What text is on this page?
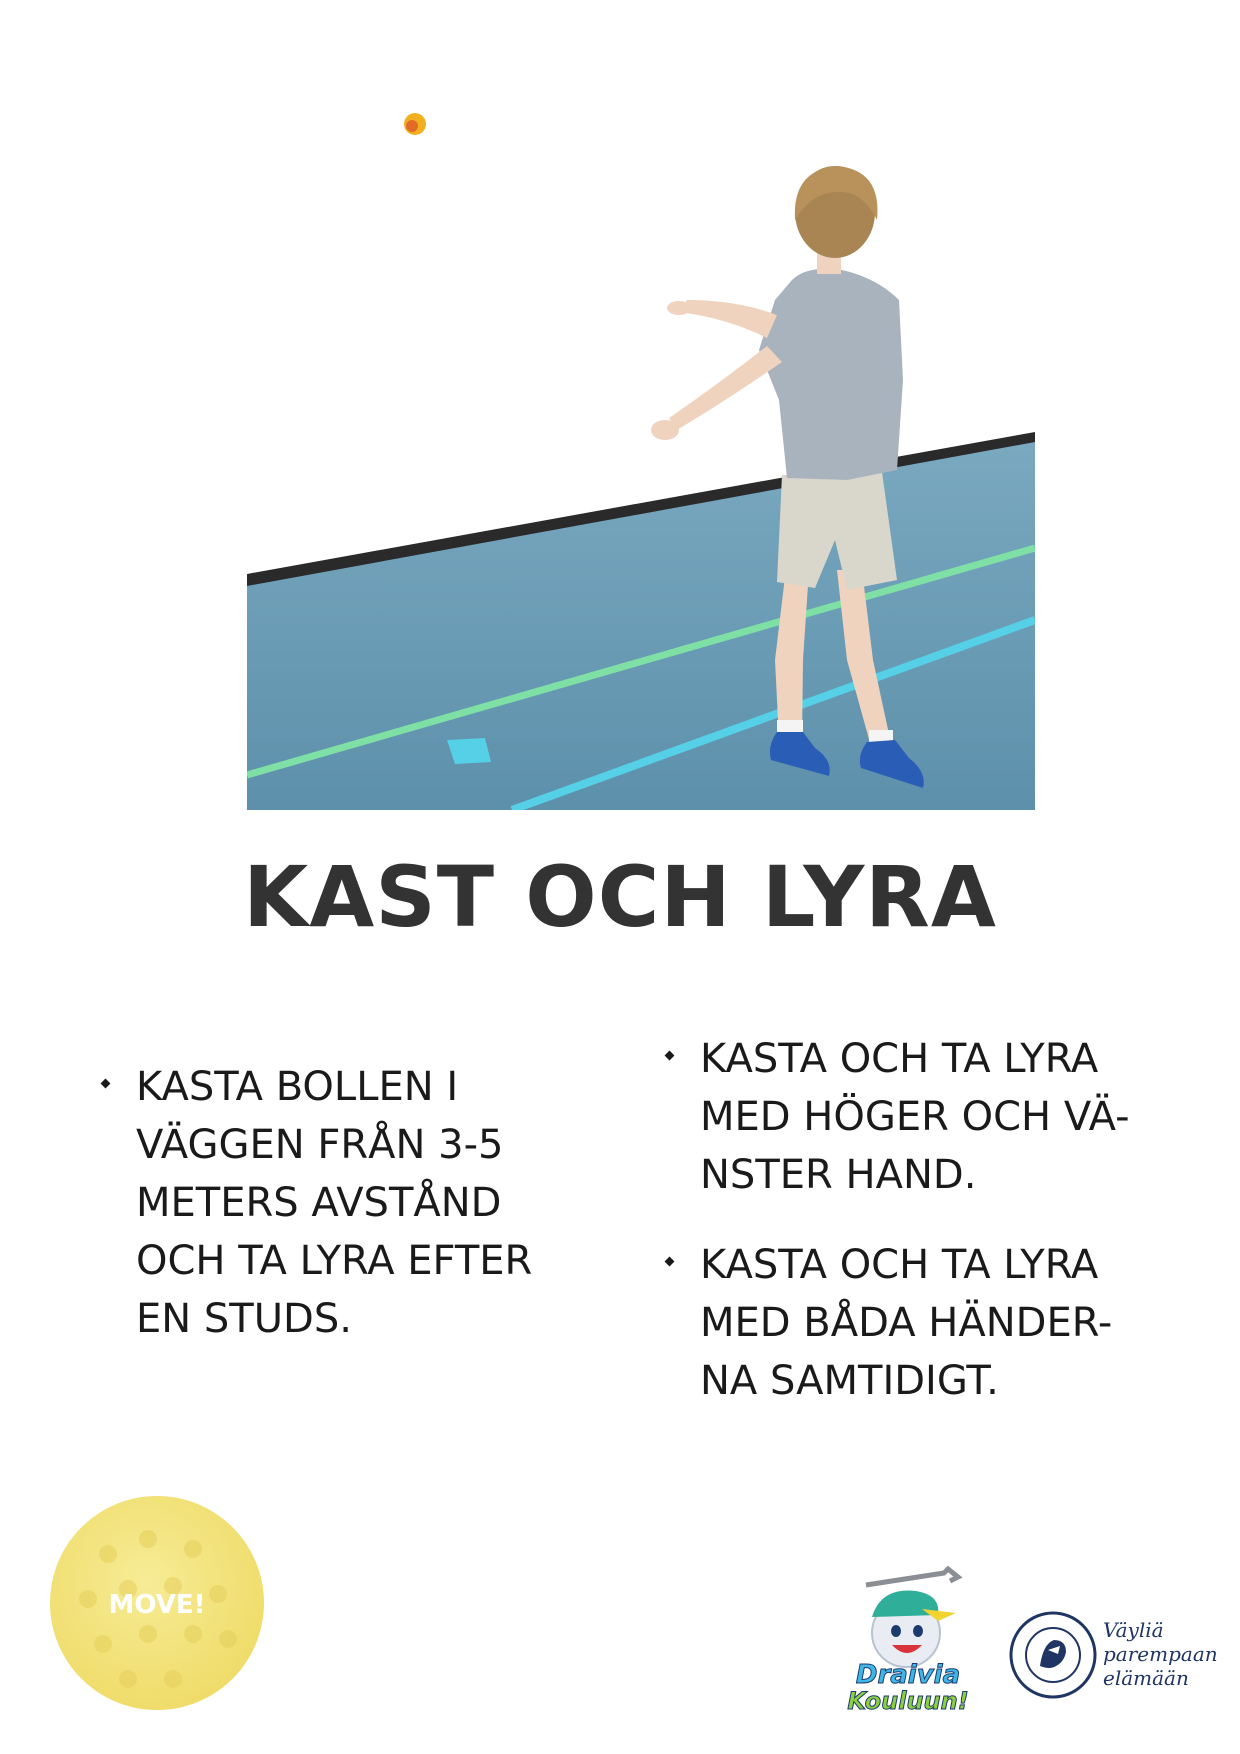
KAST OCH LYRA
KASTA BOLLEN I
VÄGGEN FRÅN 3-5
METERS AVSTÅND
OCH TA LYRA EFTER
EN STUDS.
KASTA OCH TA LYRA
MED HÖGER OCH VÄ-
NSTER HAND.
KASTA OCH TA LYRA
MED BÅDA HÄNDER-
NA SAMTIDIGT.
MOVE!
Draivia
Kouluun!
Väyliä
parempaan
elämään
